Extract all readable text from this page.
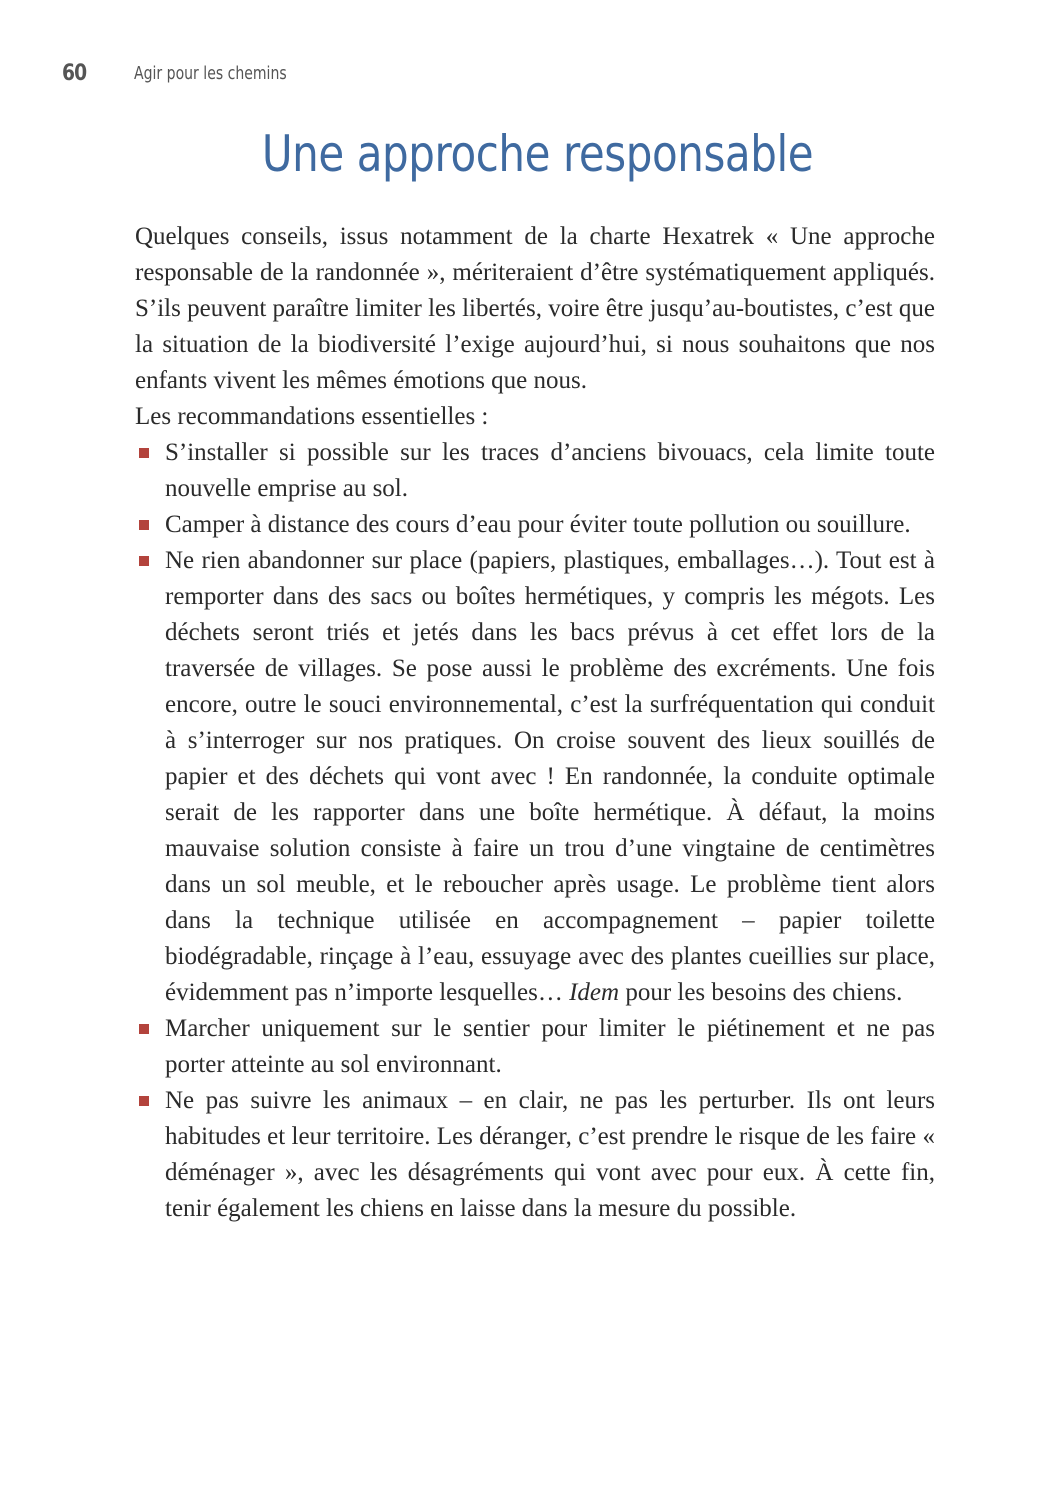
60	Agir pour les chemins
Une approche responsable

Quelques conseils, issus notamment de la charte Hexatrek « Une approche responsable de la randonnée », mériteraient d’être systématiquement appliqués. S’ils peuvent paraître limiter les libertés, voire être jusqu’au-boutistes, c’est que la situation de la biodiversité l’exige aujourd’hui, si nous souhaitons que nos enfants vivent les mêmes émotions que nous.

Les recommandations essentielles :

S’installer si possible sur les traces d’anciens bivouacs, cela limite toute nouvelle emprise au sol.
Camper à distance des cours d’eau pour éviter toute pollution ou souillure.
Ne rien abandonner sur place (papiers, plastiques, emballages…). Tout est à remporter dans des sacs ou boîtes hermétiques, y compris les mégots. Les déchets seront triés et jetés dans les bacs prévus à cet effet lors de la traversée de villages. Se pose aussi le problème des excréments. Une fois encore, outre le souci environnemental, c’est la surfréquentation qui conduit à s’interroger sur nos pratiques. On croise souvent des lieux souillés de papier et des déchets qui vont avec ! En randonnée, la conduite optimale serait de les rapporter dans une boîte hermétique. À défaut, la moins mauvaise solution consiste à faire un trou d’une vingtaine de centimètres dans un sol meuble, et le reboucher après usage. Le problème tient alors dans la technique utilisée en accompagnement – papier toilette biodégradable, rinçage à l’eau, essuyage avec des plantes cueillies sur place, évidemment pas n’importe lesquelles… Idem pour les besoins des chiens.
Marcher uniquement sur le sentier pour limiter le piétinement et ne pas porter atteinte au sol environnant.
Ne pas suivre les animaux – en clair, ne pas les perturber. Ils ont leurs habitudes et leur territoire. Les déranger, c’est prendre le risque de les faire « déménager », avec les désagréments qui vont avec pour eux. À cette fin, tenir également les chiens en laisse dans la mesure du possible.
